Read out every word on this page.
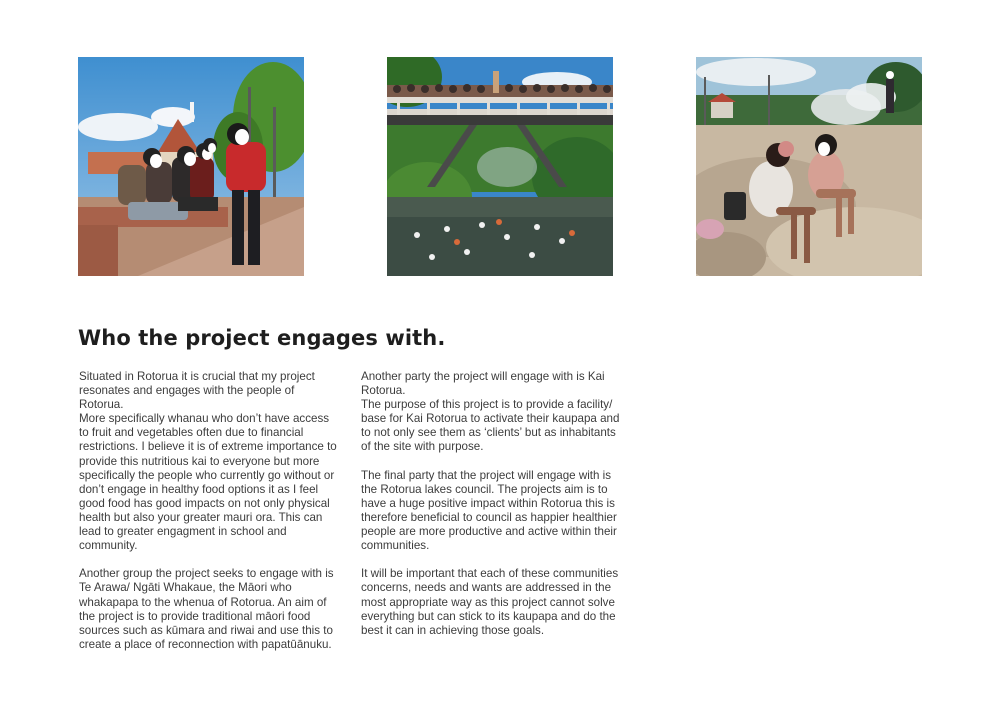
Who the project engages with.

Situated in Rotorua it is crucial that my project resonates and engages with the people of Rotorua.
More specifically whanau who don’t have access to fruit and vegetables often due to financial restrictions. I believe it is of extreme importance to provide this nutritious kai to everyone but more specifically the people who currently go without or don’t engage in healthy food options it as I feel good food has good impacts on not only physical health but also your greater mauri ora. This can lead to greater engagment in school and community.

Another group the project seeks to engage with is Te Arawa/ Ngāti Whakaue, the Māori who whakapapa to the whenua of Rotorua. An aim of the project is to provide traditional māori food sources such as kūmara and riwai and use this to create a place of reconnection with papatūānuku.

Another party the project will engage with is Kai Rotorua.
The purpose of this project is to provide a facility/ base for Kai Rotorua to activate their kaupapa and to not only see them as ‘clients’ but as inhabitants of the site with purpose.

The final party that the project will engage with is the Rotorua lakes council. The projects aim is to have a huge positive impact within Rotorua this is therefore beneficial to council as happier healthier people are more productive and active within their communities.

It will be important that each of these communities concerns, needs and wants are addressed in the most appropriate way as this project cannot solve everything but can stick to its kaupapa and do the best it can in achieving those goals.
